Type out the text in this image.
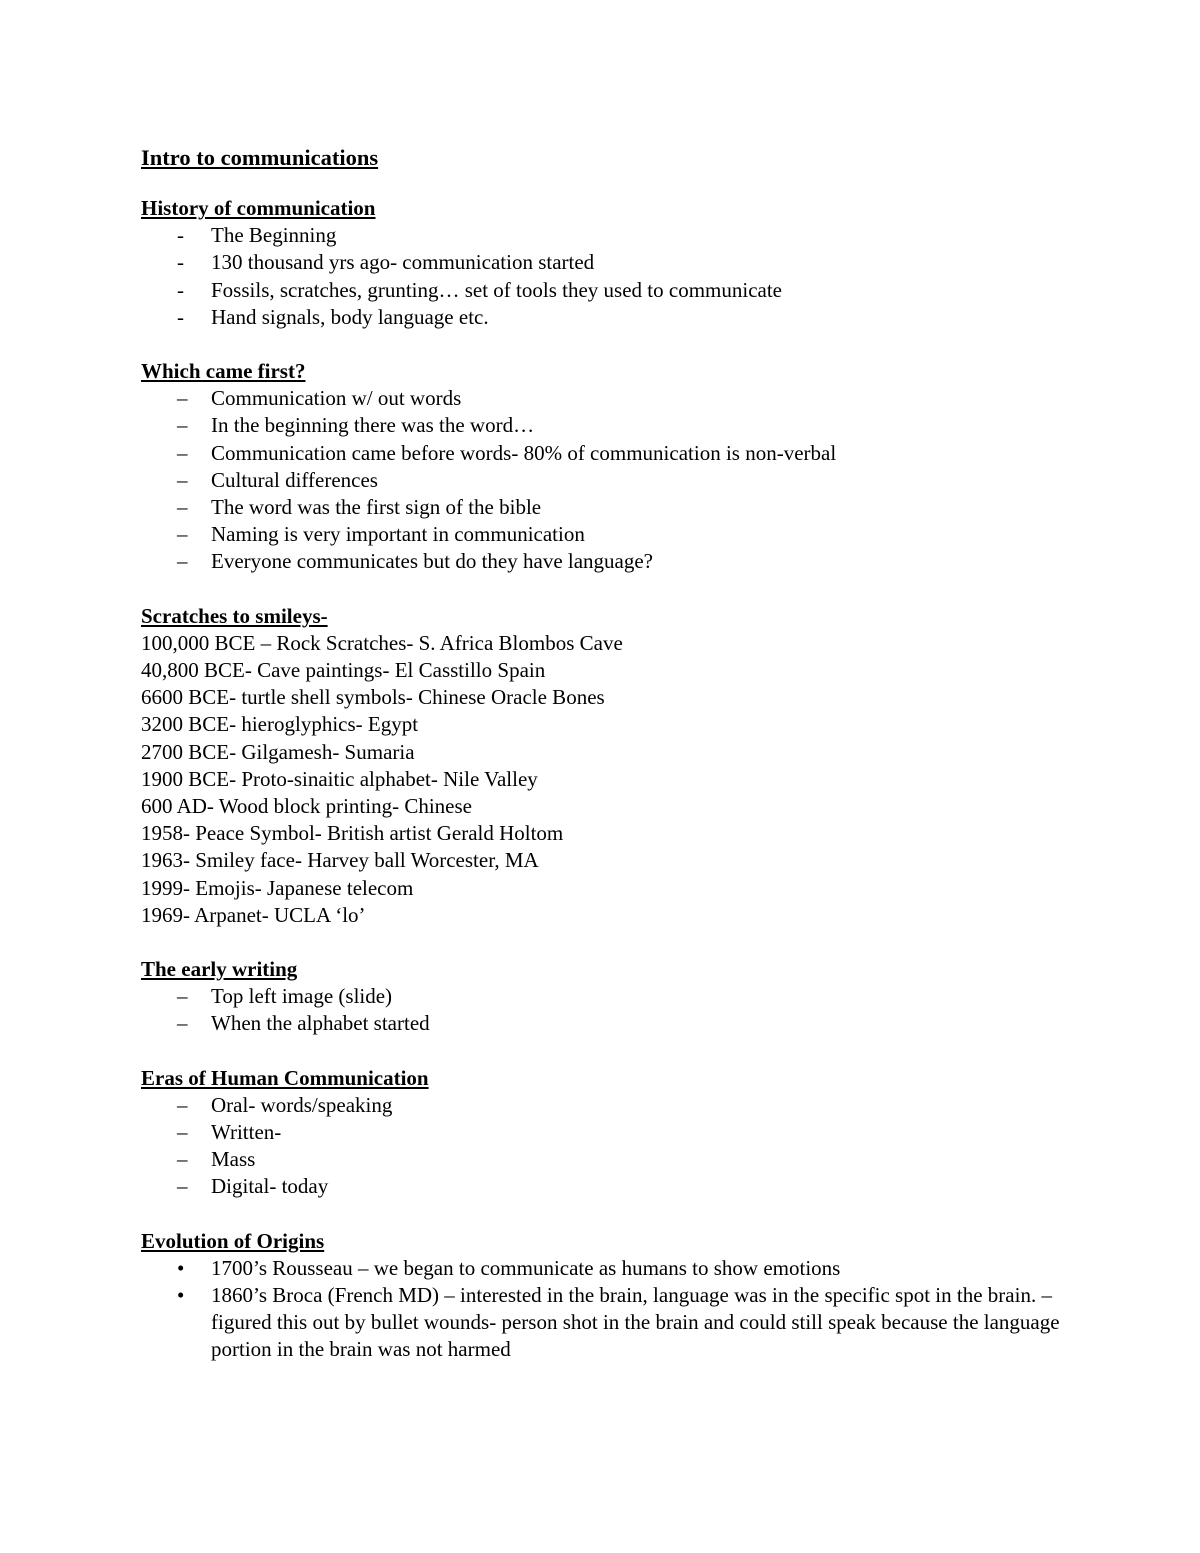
Intro to communications
History of communication
- The Beginning
- 130 thousand yrs ago- communication started
- Fossils, scratches, grunting… set of tools they used to communicate
- Hand signals, body language etc.
Which came first?
– Communication w/ out words
– In the beginning there was the word…
– Communication came before words- 80% of communication is non-verbal
– Cultural differences
– The word was the first sign of the bible
– Naming is very important in communication
– Everyone communicates but do they have language?
Scratches to smileys-
100,000 BCE – Rock Scratches- S. Africa Blombos Cave
40,800 BCE- Cave paintings- El Casstillo Spain
6600 BCE- turtle shell symbols- Chinese Oracle Bones
3200 BCE- hieroglyphics- Egypt
2700 BCE- Gilgamesh- Sumaria
1900 BCE- Proto-sinaitic alphabet- Nile Valley
600 AD- Wood block printing- Chinese
1958- Peace Symbol- British artist Gerald Holtom
1963- Smiley face- Harvey ball Worcester, MA
1999- Emojis- Japanese telecom
1969- Arpanet- UCLA ‘lo’
The early writing
– Top left image (slide)
– When the alphabet started
Eras of Human Communication
– Oral- words/speaking
– Written-
– Mass
– Digital- today
Evolution of Origins
• 1700’s Rousseau – we began to communicate as humans to show emotions
• 1860’s Broca (French MD) – interested in the brain, language was in the specific spot in the brain. – figured this out by bullet wounds- person shot in the brain and could still speak because the language portion in the brain was not harmed
